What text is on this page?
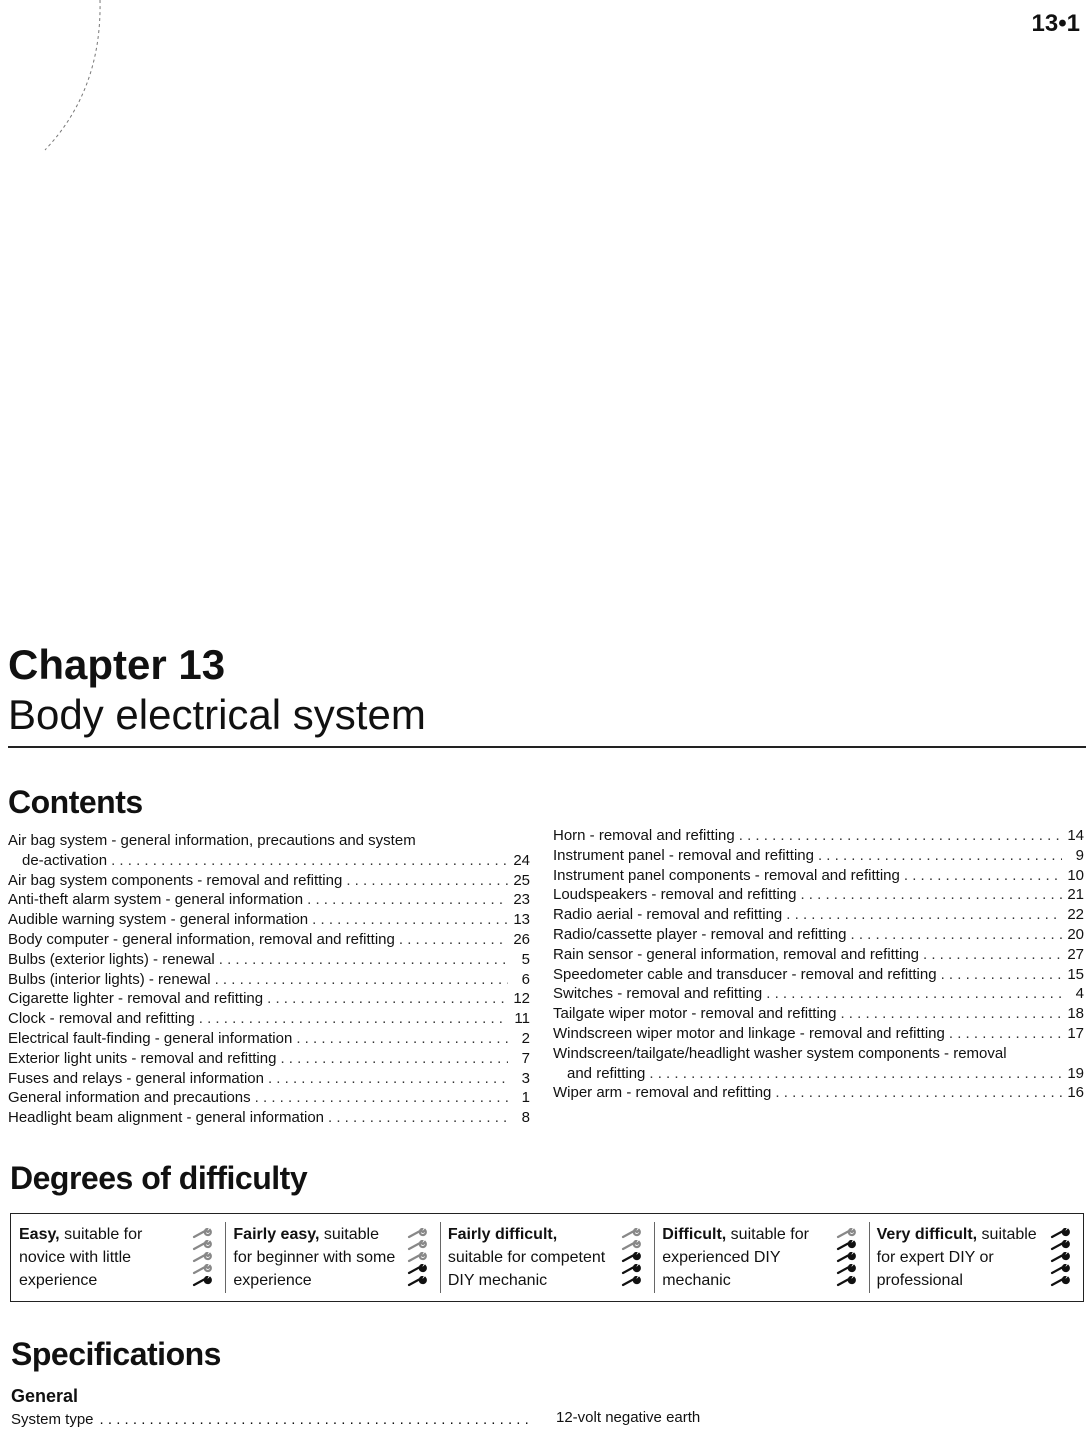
13•1
Chapter 13
Body electrical system
Contents
Air bag system - general information, precautions and system
de-activation . . .	24
Air bag system components - removal and refitting . . .	25
Anti-theft alarm system - general information . . .	23
Audible warning system - general information . . .	13
Body computer - general information, removal and refitting . . .	26
Bulbs (exterior lights) - renewal . . .	5
Bulbs (interior lights) - renewal . . .	6
Cigarette lighter - removal and refitting . . .	12
Clock - removal and refitting . . .	11
Electrical fault-finding - general information . . .	2
Exterior light units - removal and refitting . . .	7
Fuses and relays - general information . . .	3
General information and precautions . . .	1
Headlight beam alignment - general information . . .	8
Horn - removal and refitting . . .	14
Instrument panel - removal and refitting . . .	9
Instrument panel components - removal and refitting . . .	10
Loudspeakers - removal and refitting . . .	21
Radio aerial - removal and refitting . . .	22
Radio/cassette player - removal and refitting . . .	20
Rain sensor - general information, removal and refitting . . .	27
Speedometer cable and transducer - removal and refitting . . .	15
Switches - removal and refitting . . .	4
Tailgate wiper motor - removal and refitting . . .	18
Windscreen wiper motor and linkage - removal and refitting . . .	17
Windscreen/tailgate/headlight washer system components - removal
and refitting . . .	19
Wiper arm - removal and refitting . . .	16
Degrees of difficulty
Easy, suitable for novice with little experience
Fairly easy, suitable for beginner with some experience
Fairly difficult, suitable for competent DIY mechanic
Difficult, suitable for experienced DIY mechanic
Very difficult, suitable for expert DIY or professional
Specifications
General
System type . . .	12-volt negative earth
